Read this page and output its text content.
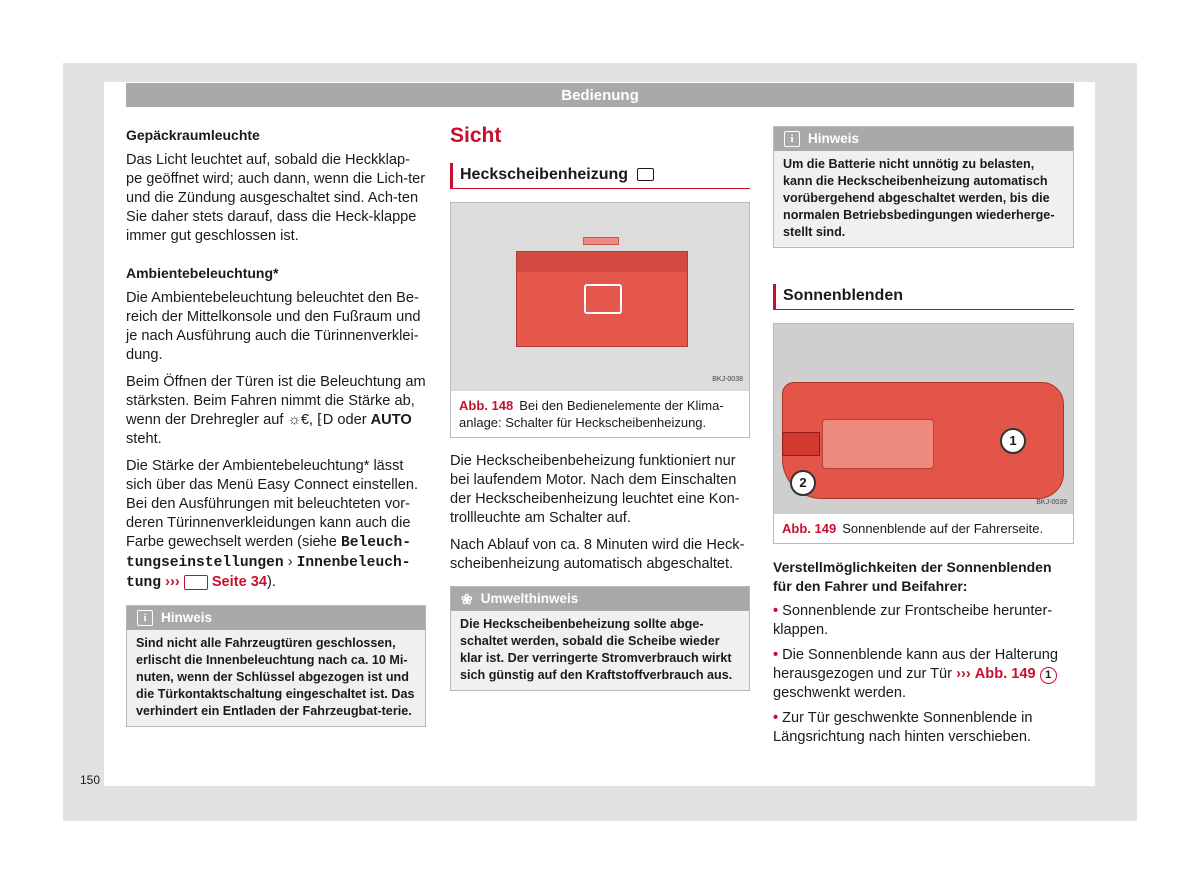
Bedienung
Gepäckraumleuchte

Das Licht leuchtet auf, sobald die Heckklap-pe geöffnet wird; auch dann, wenn die Lich-ter und die Zündung ausgeschaltet sind. Ach-ten Sie daher stets darauf, dass die Heck-klappe immer gut geschlossen ist.

Ambientebeleuchtung*

Die Ambientebeleuchtung beleuchtet den Be-reich der Mittelkonsole und den Fußraum und je nach Ausführung auch die Türinnenverklei-dung.

Beim Öffnen der Türen ist die Beleuchtung am stärksten. Beim Fahren nimmt die Stärke ab, wenn der Drehregler auf ☼€, ⁅D oder AUTO steht.

Die Stärke der Ambientebeleuchtung* lässt sich über das Menü Easy Connect einstellen. Bei den Ausführungen mit beleuchteten vor-deren Türinnenverkleidungen kann auch die Farbe gewechselt werden (siehe Beleuch-tungseinstellungen › Innenbeleuch-tung ››› Seite 34).

i	Hinweis
Sind nicht alle Fahrzeugtüren geschlossen, erlischt die Innenbeleuchtung nach ca. 10 Mi-nuten, wenn der Schlüssel abgezogen ist und die Türkontaktschaltung eingeschaltet ist. Das verhindert ein Entladen der Fahrzeugbat-terie.
Sicht
Heckscheibenheizung
BKJ-0038
Abb. 148 Bei den Bedienelemente der Klima-anlage: Schalter für Heckscheibenheizung.

Die Heckscheibenbeheizung funktioniert nur bei laufendem Motor. Nach dem Einschalten der Heckscheibenheizung leuchtet eine Kon-trollleuchte am Schalter auf.

Nach Ablauf von ca. 8 Minuten wird die Heck-scheibenheizung automatisch abgeschaltet.

❀ Umwelthinweis
Die Heckscheibenbeheizung sollte abge-schaltet werden, sobald die Scheibe wieder klar ist. Der verringerte Stromverbrauch wirkt sich günstig auf den Kraftstoffverbrauch aus.
i	Hinweis
Um die Batterie nicht unnötig zu belasten, kann die Heckscheibenheizung automatisch vorübergehend abgeschaltet werden, bis die normalen Betriebsbedingungen wiederherge-stellt sind.
Sonnenblenden
1
2
BKJ-0039
Abb. 149 Sonnenblende auf der Fahrerseite.
Verstellmöglichkeiten der Sonnenblenden für den Fahrer und Beifahrer:
• Sonnenblende zur Frontscheibe herunter-klappen.
• Die Sonnenblende kann aus der Halterung herausgezogen und zur Tür ››› Abb. 149 1 geschwenkt werden.
• Zur Tür geschwenkte Sonnenblende in Längsrichtung nach hinten verschieben.
150
